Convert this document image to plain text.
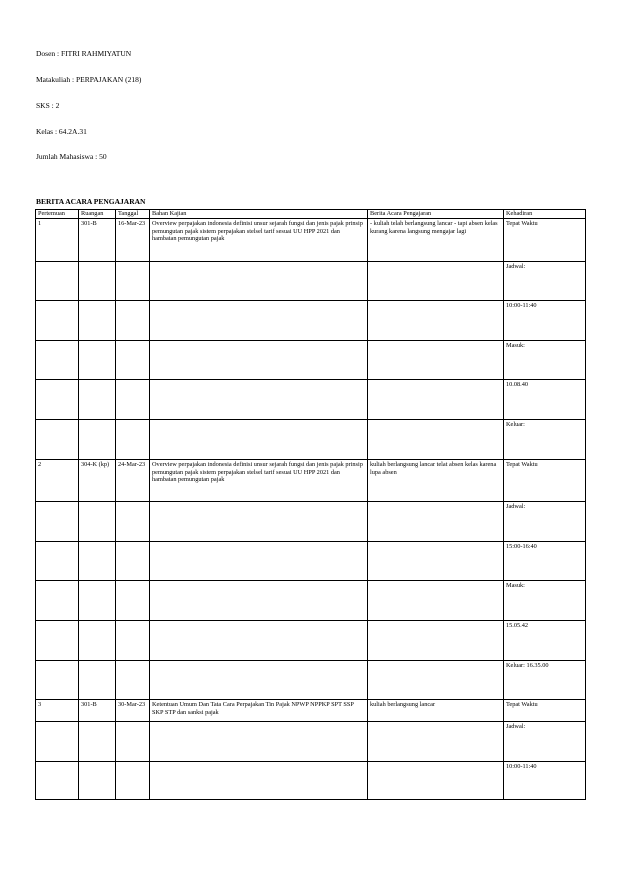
Dosen : FITRI RAHMIYATUN
Matakuliah : PERPAJAKAN (218)
SKS : 2
Kelas : 64.2A.31
Jumlah Mahasiswa : 50
BERITA ACARA PENGAJARAN
Pertemuan	Ruangan	Tanggal	Bahan Kajian	Berita Acara Pengajaran	Kehadiran
1	301-B	16-Mar-23	Overview perpajakan indonesia definisi unsur sejarah fungsi dan jenis pajak prinsip pemungutan pajak sistem perpajakan stelsel tarif sesuai UU HPP 2021 dan hambatan pemungutan pajak	- kuliah telah berlangsung lancar - tapi absen kelas kurang karena langsung mengajar lagi	Tepat Waktu
					Jadwal:
					10:00-11:40
					Masuk:
					10.08.40
					Keluar:
2	304-K (kp)	24-Mar-23	Overview perpajakan indonesia definisi unsur sejarah fungsi dan jenis pajak prinsip pemungutan pajak sistem perpajakan stelsel tarif sesuai UU HPP 2021 dan hambatan pemungutan pajak	kuliah berlangsung lancar telat absen kelas karena lupa absen	Tepat Waktu
					Jadwal:
					15:00-16:40
					Masuk:
					15.05.42
					Keluar: 16.35.00
3	301-B	30-Mar-23	Ketentuan Umum Dan Tata Cara Perpajakan Tin Pajak NPWP NPPKP SPT SSP SKP STP dan sanksi pajak	kuliah berlangsung lancar	Tepat Waktu
					Jadwal:
					10:00-11:40
